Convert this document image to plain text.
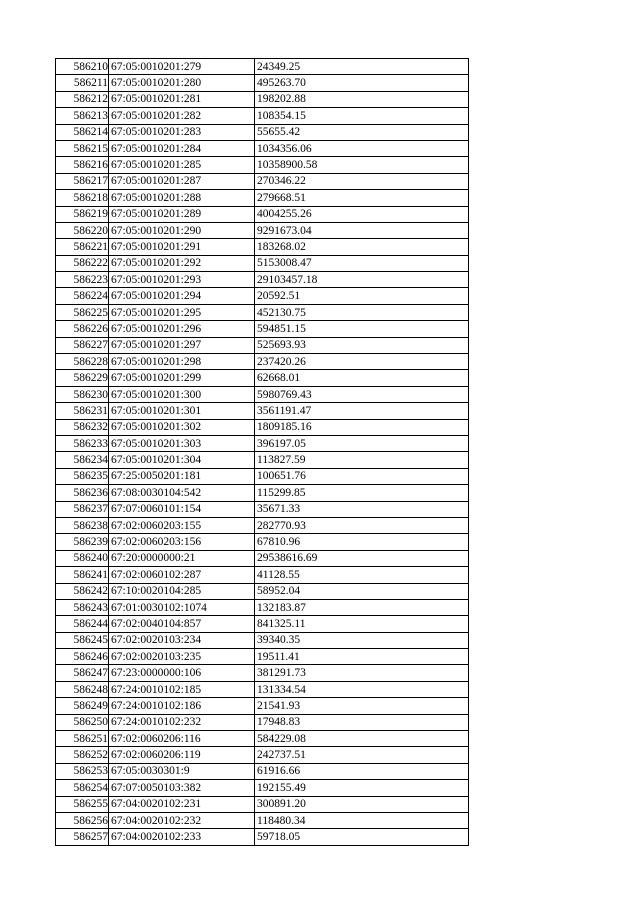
586210	67:05:0010201:279	24349.25
586211	67:05:0010201:280	495263.70
586212	67:05:0010201:281	198202.88
586213	67:05:0010201:282	108354.15
586214	67:05:0010201:283	55655.42
586215	67:05:0010201:284	1034356.06
586216	67:05:0010201:285	10358900.58
586217	67:05:0010201:287	270346.22
586218	67:05:0010201:288	279668.51
586219	67:05:0010201:289	4004255.26
586220	67:05:0010201:290	9291673.04
586221	67:05:0010201:291	183268.02
586222	67:05:0010201:292	5153008.47
586223	67:05:0010201:293	29103457.18
586224	67:05:0010201:294	20592.51
586225	67:05:0010201:295	452130.75
586226	67:05:0010201:296	594851.15
586227	67:05:0010201:297	525693.93
586228	67:05:0010201:298	237420.26
586229	67:05:0010201:299	62668.01
586230	67:05:0010201:300	5980769.43
586231	67:05:0010201:301	3561191.47
586232	67:05:0010201:302	1809185.16
586233	67:05:0010201:303	396197.05
586234	67:05:0010201:304	113827.59
586235	67:25:0050201:181	100651.76
586236	67:08:0030104:542	115299.85
586237	67:07:0060101:154	35671.33
586238	67:02:0060203:155	282770.93
586239	67:02:0060203:156	67810.96
586240	67:20:0000000:21	29538616.69
586241	67:02:0060102:287	41128.55
586242	67:10:0020104:285	58952.04
586243	67:01:0030102:1074	132183.87
586244	67:02:0040104:857	841325.11
586245	67:02:0020103:234	39340.35
586246	67:02:0020103:235	19511.41
586247	67:23:0000000:106	381291.73
586248	67:24:0010102:185	131334.54
586249	67:24:0010102:186	21541.93
586250	67:24:0010102:232	17948.83
586251	67:02:0060206:116	584229.08
586252	67:02:0060206:119	242737.51
586253	67:05:0030301:9	61916.66
586254	67:07:0050103:382	192155.49
586255	67:04:0020102:231	300891.20
586256	67:04:0020102:232	118480.34
586257	67:04:0020102:233	59718.05
